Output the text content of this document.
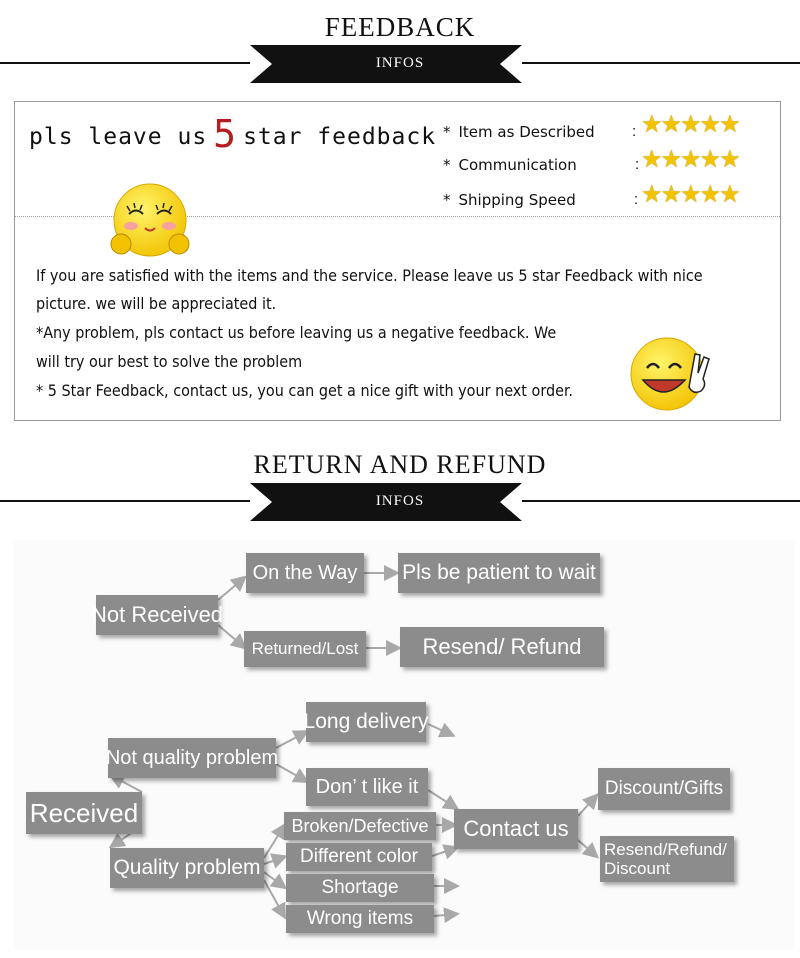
FEEDBACK
INFOS
pls leave us 5 star feedback * Item as Described : ★★★★★
* Communication	: ★★★★★
* Shipping Speed	: ★★★★★
If you are satisfied with the items and the service. Please leave us 5 star Feedback with nice
picture. we will be appreciated it.
*Any problem, pls contact us before leaving us a negative feedback. We
will try our best to solve the problem
* 5 Star Feedback, contact us, you can get a nice gift with your next order.
RETURN AND REFUND
INFOS
Not Received
On the Way	Pls be patient to wait
Returned/Lost	Resend/ Refund
Received
Not quality problem
Long delivery
Don’ t like it
Quality problem
Broken/Defective
Different color
Shortage
Wrong items
Contact us
Discount/Gifts
Resend/Refund/
Discount
